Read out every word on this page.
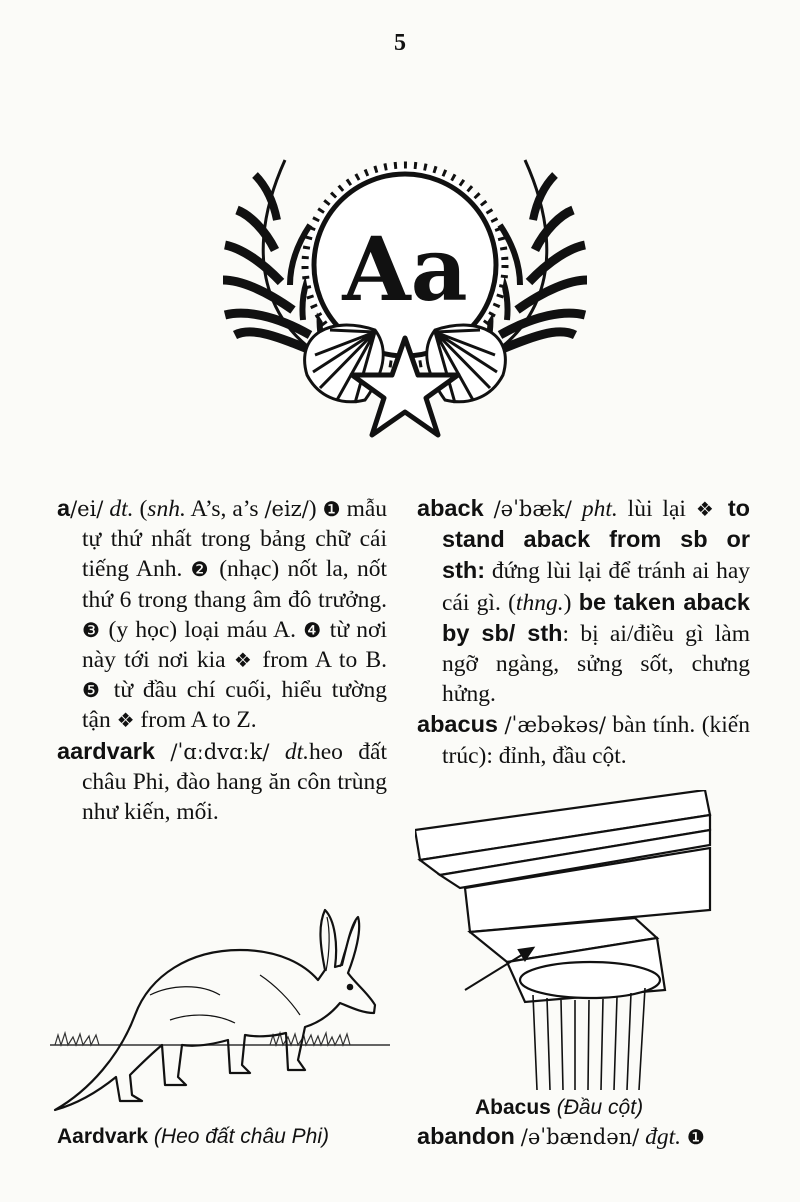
5
Aa

a/ei/ dt. (snh. A’s, a’s /eiz/) ❶ mẫu tự thứ nhất trong bảng chữ cái tiếng Anh. ❷ (nhạc) nốt la, nốt thứ 6 trong thang âm đô trưởng. ❸ (y học) loại máu A. ❹ từ nơi này tới nơi kia ❖ from A to B. ❺ từ đầu chí cuối, hiểu tường tận ❖ from A to Z.

aardvark /ˈɑːdvɑːk/ dt.heo đất châu Phi, đào hang ăn côn trùng như kiến, mối.

aback /əˈbæk/ pht. lùi lại ❖ to stand aback from sb or sth: đứng lùi lại để tránh ai hay cái gì. (thng.) be taken aback by sb/ sth: bị ai/điều gì làm ngỡ ngàng, sửng sốt, chưng hửng.

abacus /ˈæbəkəs/ bàn tính. (kiến trúc): đỉnh, đầu cột.

Abacus (Đầu cột)
Aardvark (Heo đất châu Phi)	abandon /əˈbændən/ đgt. ❶
